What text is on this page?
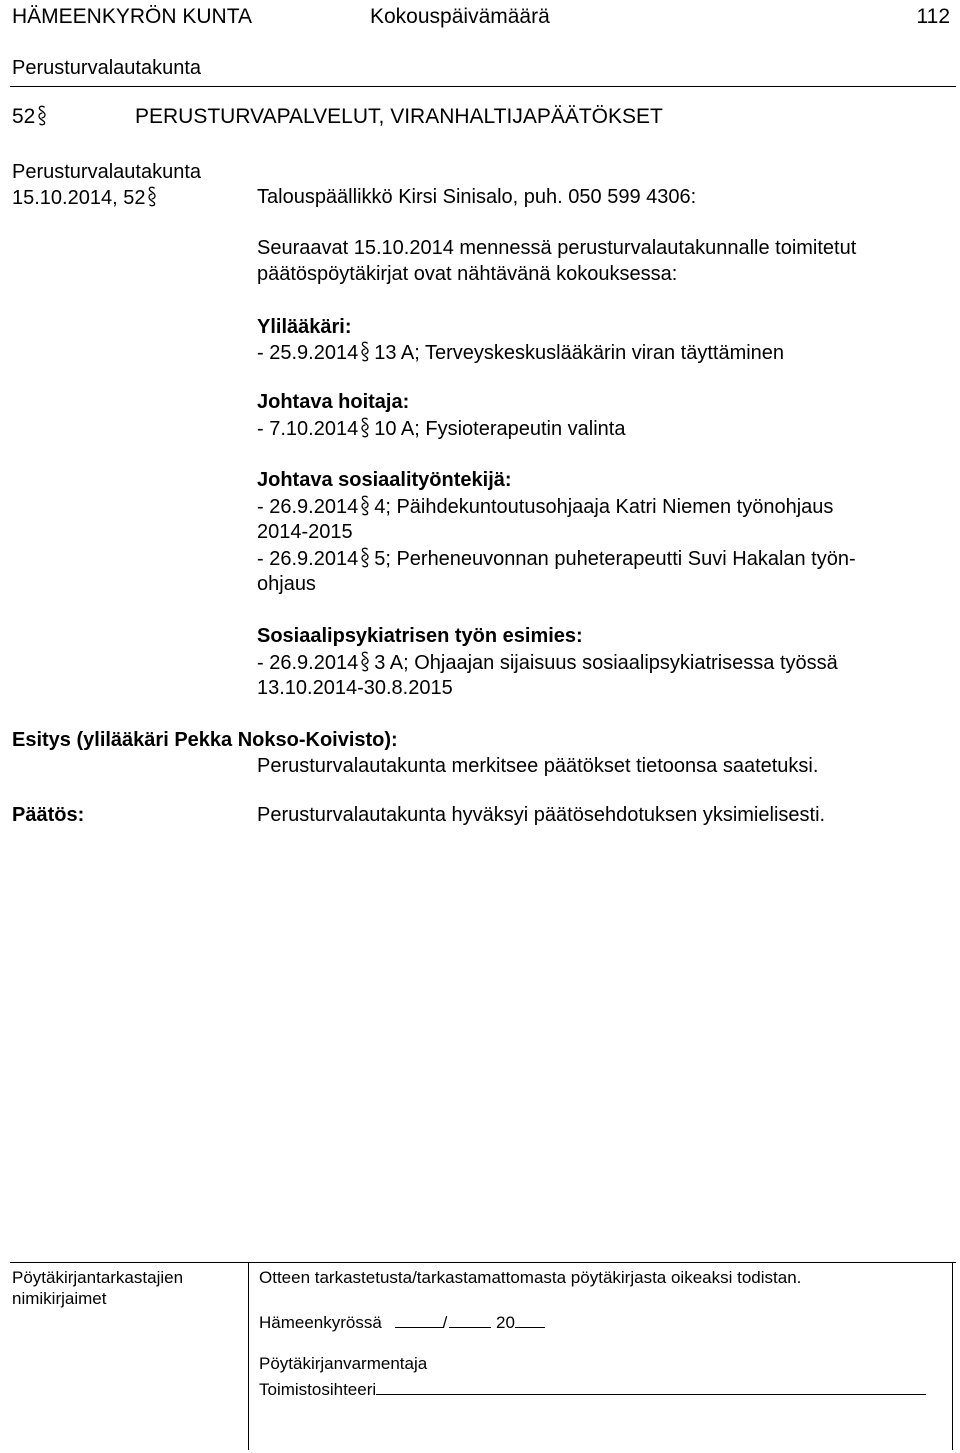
HÄMEENKYRÖN KUNTA	Kokouspäivämäärä	112
Perusturvalautakunta
52	PERUSTURVAPALVELUT, VIRANHALTIJAPÄÄTÖKSET
Perusturvalautakunta
15.10.2014, 52	Talouspäällikkö Kirsi Sinisalo, puh. 050 599 4306:
Seuraavat 15.10.2014 mennessä perusturvalautakunnalle toimitetut
päätöspöytäkirjat ovat nähtävänä kokouksessa:
Ylilääkäri:
- 25.9.2014 13 A; Terveyskeskuslääkärin viran täyttäminen
Johtava hoitaja:
- 7.10.2014 10 A; Fysioterapeutin valinta
Johtava sosiaalityöntekijä:
- 26.9.2014 4; Päihdekuntoutusohjaaja Katri Niemen työnohjaus
2014-2015
- 26.9.2014 5; Perheneuvonnan puheterapeutti Suvi Hakalan työn-
ohjaus
Sosiaalipsykiatrisen työn esimies:
- 26.9.2014 3 A; Ohjaajan sijaisuus sosiaalipsykiatrisessa työssä
13.10.2014-30.8.2015
Esitys (ylilääkäri Pekka Nokso-Koivisto):
Perusturvalautakunta merkitsee päätökset tietoonsa saatetuksi.
Päätös:	Perusturvalautakunta hyväksyi päätösehdotuksen yksimielisesti.
Pöytäkirjantarkastajien
nimikirjaimet
Otteen tarkastetusta/tarkastamattomasta pöytäkirjasta oikeaksi todistan.
Hämeenkyrössä	/	20
Pöytäkirjanvarmentaja
Toimistosihteeri
